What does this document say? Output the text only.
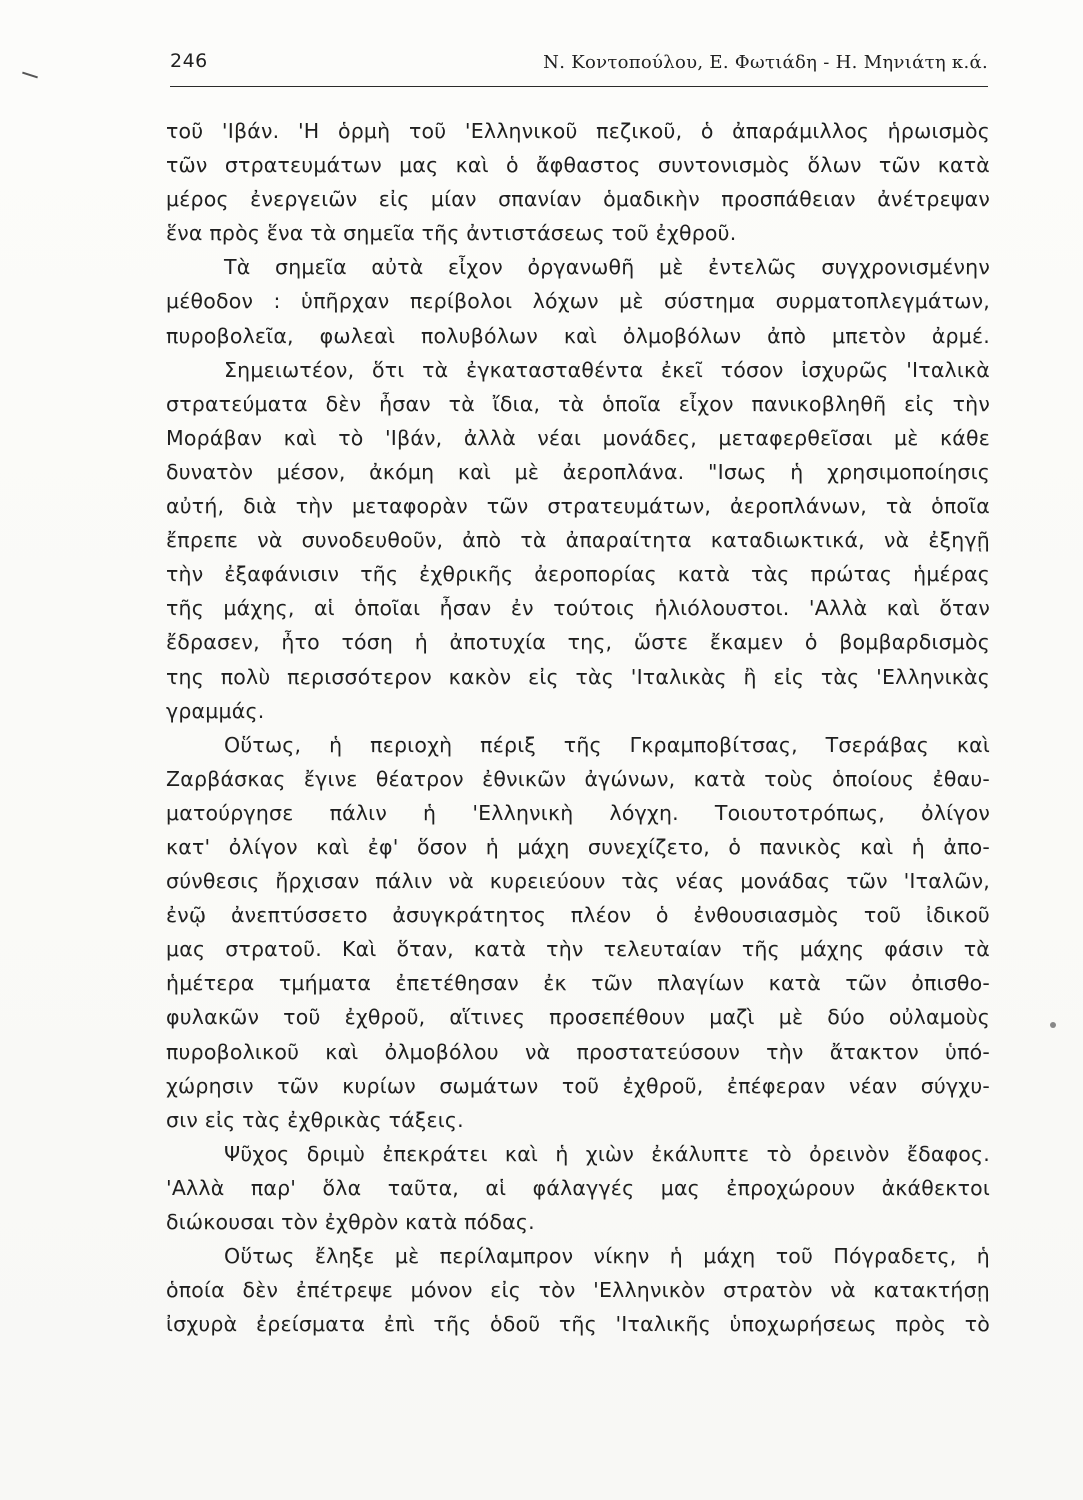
246	Ν. Κοντοπούλου, Ε. Φωτιάδη - Η. Μηνιάτη κ.ά.
τοῦ 'Ιβάν. 'Η ὁρμὴ τοῦ 'Ελληνικοῦ πεζικοῦ, ὁ ἀπαράμιλλος ἡρωισμὸς
τῶν στρατευμάτων μας καὶ ὁ ἄφθαστος συντονισμὸς ὅλων τῶν κατὰ
μέρος ἐνεργειῶν εἰς μίαν σπανίαν ὁμαδικὴν προσπάθειαν ἀνέτρεψαν
ἕνα πρὸς ἕνα τὰ σημεῖα τῆς ἀντιστάσεως τοῦ ἐχθροῦ.
Τὰ σημεῖα αὐτὰ εἶχον ὀργανωθῆ μὲ ἐντελῶς συγχρονισμένην
μέθοδον : ὑπῆρχαν περίβολοι λόχων μὲ σύστημα συρματοπλεγμάτων,
πυροβολεῖα, φωλεαὶ πολυβόλων καὶ ὀλμοβόλων ἀπὸ μπετὸν ἀρμέ.
Σημειωτέον, ὅτι τὰ ἐγκατασταθέντα ἐκεῖ τόσον ἰσχυρῶς 'Ιταλικὰ
στρατεύματα δὲν ἦσαν τὰ ἴδια, τὰ ὁποῖα εἶχον πανικοβληθῆ εἰς τὴν
Μοράβαν καὶ τὸ 'Ιβάν, ἀλλὰ νέαι μονάδες, μεταφερθεῖσαι μὲ κάθε
δυνατὸν μέσον, ἀκόμη καὶ μὲ ἀεροπλάνα. "Ισως ἡ χρησιμοποίησις
αὐτή, διὰ τὴν μεταφορὰν τῶν στρατευμάτων, ἀεροπλάνων, τὰ ὁποῖα
ἔπρεπε νὰ συνοδευθοῦν, ἀπὸ τὰ ἀπαραίτητα καταδιωκτικά, νὰ ἐξηγῇ
τὴν ἐξαφάνισιν τῆς ἐχθρικῆς ἀεροπορίας κατὰ τὰς πρώτας ἡμέρας
τῆς μάχης, αἱ ὁποῖαι ἦσαν ἐν τούτοις ἡλιόλουστοι. 'Αλλὰ καὶ ὅταν
ἔδρασεν, ἦτο τόση ἡ ἀποτυχία της, ὥστε ἔκαμεν ὁ βομβαρδισμὸς
της πολὺ περισσότερον κακὸν εἰς τὰς 'Ιταλικὰς ἢ εἰς τὰς 'Ελληνικὰς
γραμμάς.
Οὕτως, ἡ περιοχὴ πέριξ τῆς Γκραμποβίτσας, Τσεράβας καὶ
Ζαρβάσκας ἔγινε θέατρον ἐθνικῶν ἀγώνων, κατὰ τοὺς ὁποίους ἐθαυ-
ματούργησε πάλιν ἡ 'Ελληνικὴ λόγχη. Τοιουτοτρόπως, ὀλίγον
κατ' ὀλίγον καὶ ἐφ' ὅσον ἡ μάχη συνεχίζετο, ὁ πανικὸς καὶ ἡ ἀπο-
σύνθεσις ἤρχισαν πάλιν νὰ κυρειεύουν τὰς νέας μονάδας τῶν 'Ιταλῶν,
ἐνῷ ἀνεπτύσσετο ἀσυγκράτητος πλέον ὁ ἐνθουσιασμὸς τοῦ ἰδικοῦ
μας στρατοῦ. Καὶ ὅταν, κατὰ τὴν τελευταίαν τῆς μάχης φάσιν τὰ
ἡμέτερα τμήματα ἐπετέθησαν ἐκ τῶν πλαγίων κατὰ τῶν ὀπισθο-
φυλακῶν τοῦ ἐχθροῦ, αἵτινες προσεπέθουν μαζὶ μὲ δύο οὐλαμοὺς
πυροβολικοῦ καὶ ὀλμοβόλου νὰ προστατεύσουν τὴν ἄτακτον ὑπό-
χώρησιν τῶν κυρίων σωμάτων τοῦ ἐχθροῦ, ἐπέφεραν νέαν σύγχυ-
σιν εἰς τὰς ἐχθρικὰς τάξεις.
Ψῦχος δριμὺ ἐπεκράτει καὶ ἡ χιὼν ἐκάλυπτε τὸ ὀρεινὸν ἔδαφος.
'Αλλὰ παρ' ὅλα ταῦτα, αἱ φάλαγγές μας ἐπροχώρουν ἀκάθεκτοι
διώκουσαι τὸν ἐχθρὸν κατὰ πόδας.
Οὕτως ἔληξε μὲ περίλαμπρον νίκην ἡ μάχη τοῦ Πόγραδετς, ἡ
ὁποία δὲν ἐπέτρεψε μόνον εἰς τὸν 'Ελληνικὸν στρατὸν νὰ κατακτήσῃ
ἰσχυρὰ ἐρείσματα ἐπὶ τῆς ὁδοῦ τῆς 'Ιταλικῆς ὑποχωρήσεως πρὸς τὸ
